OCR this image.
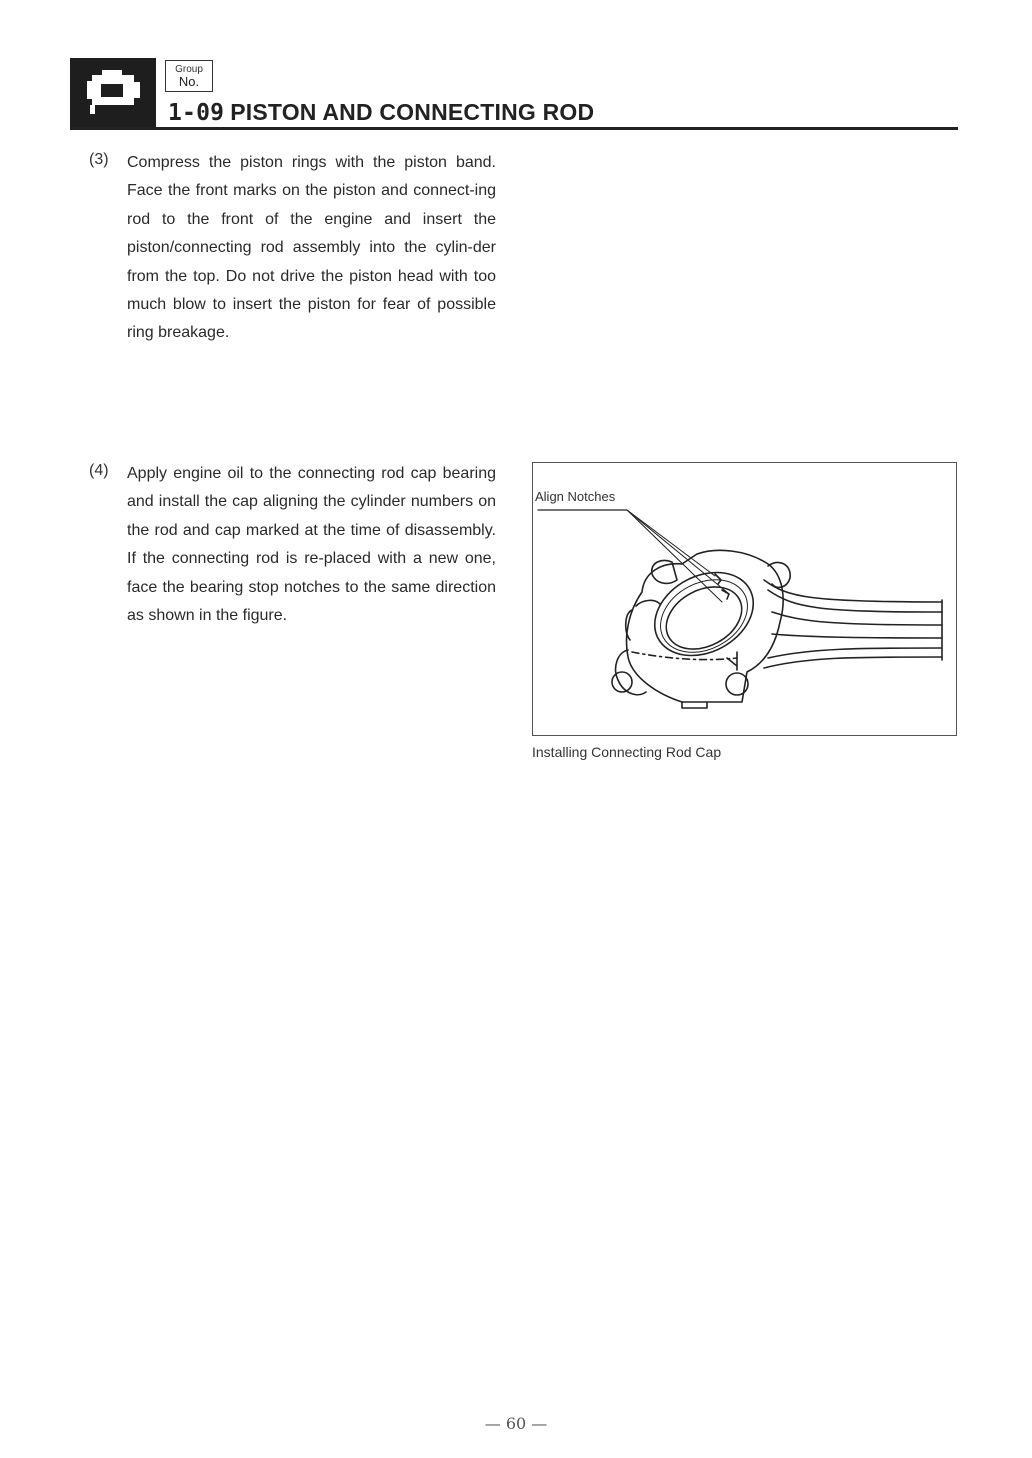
Group
No.
1-09 PISTON AND CONNECTING ROD
(3) Compress the piston rings with the piston band. Face the front marks on the piston and connect-ing rod to the front of the engine and insert the piston/connecting rod assembly into the cylin-der from the top. Do not drive the piston head with too much blow to insert the piston for fear of possible ring breakage.

(4) Apply engine oil to the connecting rod cap bearing and install the cap aligning the cylinder numbers on the rod and cap marked at the time of disassembly. If the connecting rod is re-placed with a new one, face the bearing stop notches to the same direction as shown in the figure.

Align Notches
Installing Connecting Rod Cap
— 60 —
